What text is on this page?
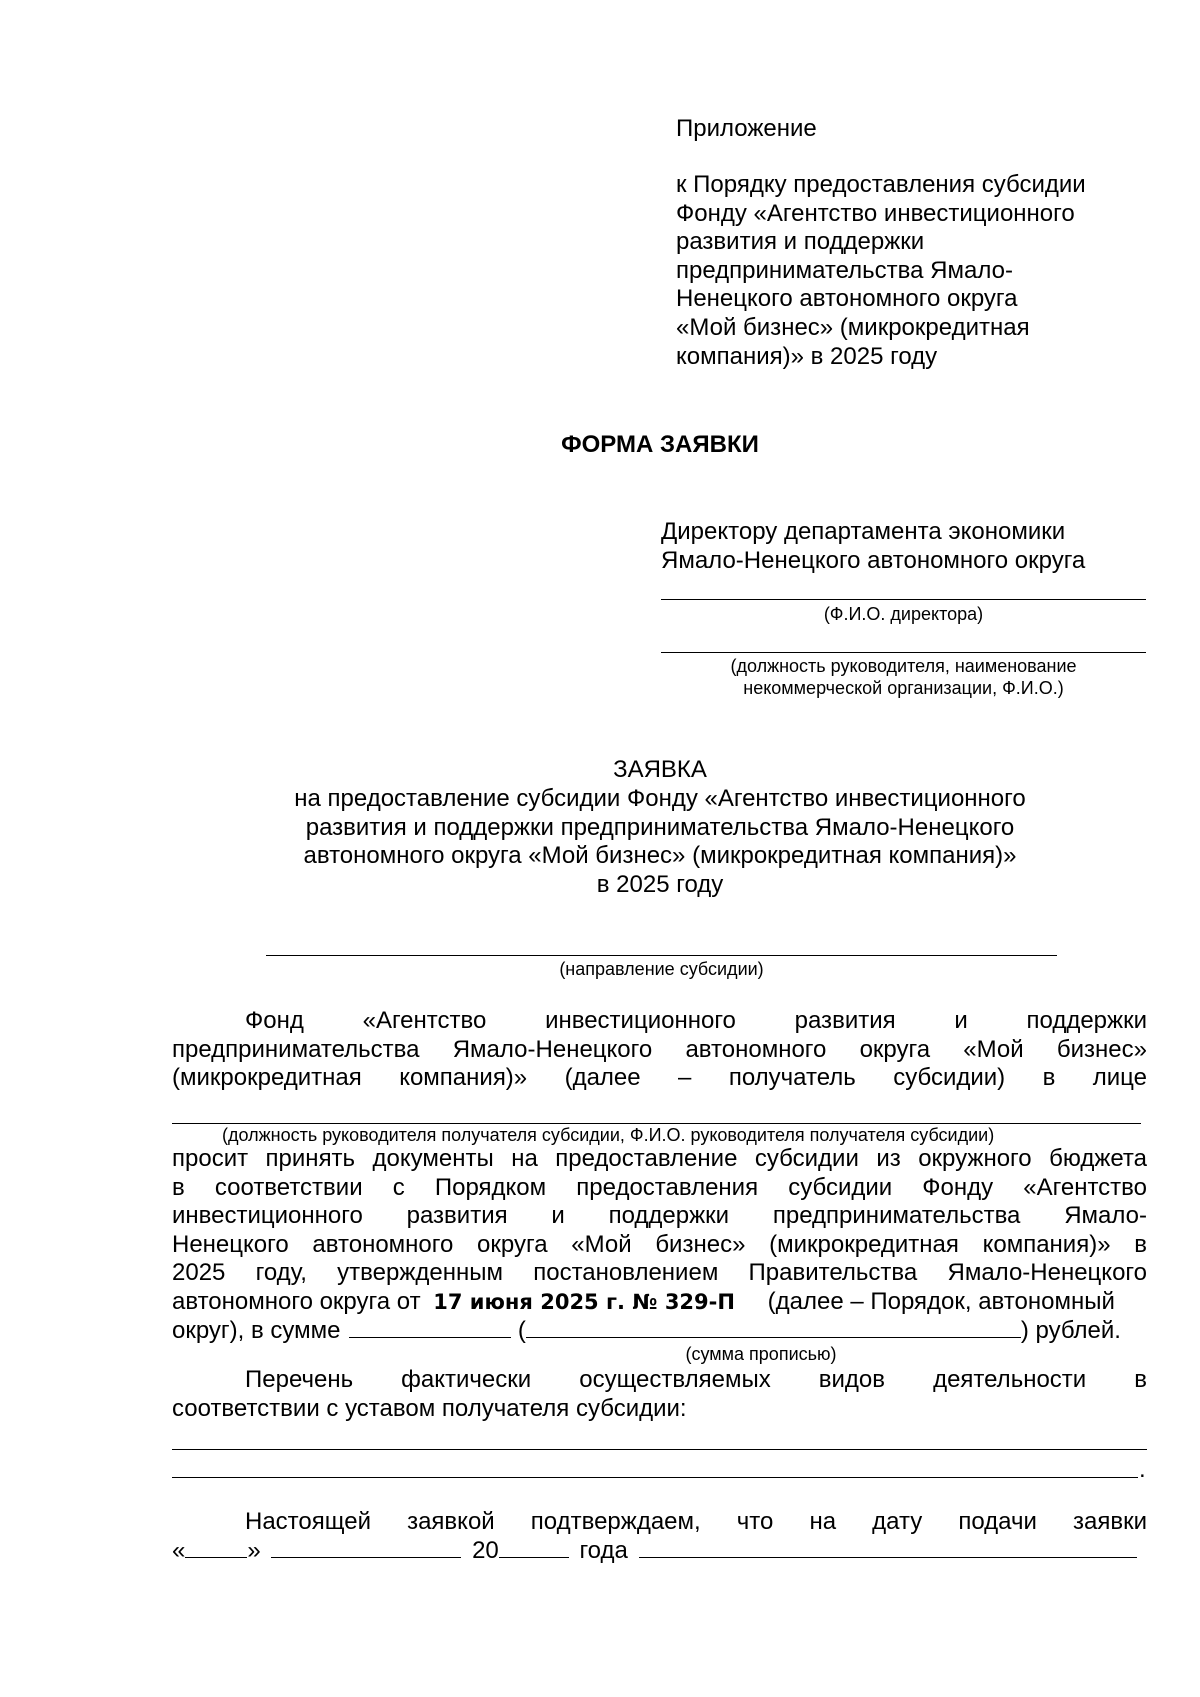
Приложение
к Порядку предоставления субсидии
Фонду «Агентство инвестиционного
развития и поддержки
предпринимательства Ямало-
Ненецкого автономного округа
«Мой бизнес» (микрокредитная
компания)» в 2025 году
ФОРМА ЗАЯВКИ
Директору департамента экономики
Ямало-Ненецкого автономного округа
(Ф.И.О. директора)
(должность руководителя, наименование
некоммерческой организации, Ф.И.О.)
ЗАЯВКА
на предоставление субсидии Фонду «Агентство инвестиционного
развития и поддержки предпринимательства Ямало-Ненецкого
автономного округа «Мой бизнес» (микрокредитная компания)»
в 2025 году
(направление субсидии)
Фонд «Агентство инвестиционного развития и поддержки
предпринимательства Ямало-Ненецкого автономного округа «Мой бизнес»
(микрокредитная компания)» (далее – получатель субсидии) в лице
(должность руководителя получателя субсидии, Ф.И.О. руководителя получателя субсидии)
просит принять документы на предоставление субсидии из окружного бюджета
в соответствии с Порядком предоставления субсидии Фонду «Агентство
инвестиционного развития и поддержки предпринимательства Ямало-
Ненецкого автономного округа «Мой бизнес» (микрокредитная компания)» в
2025 году, утвержденным постановлением Правительства Ямало-Ненецкого
автономного округа от 17 июня 2025 г. № 329-П (далее – Порядок, автономный
округ), в сумме	(	) рублей.
(сумма прописью)
Перечень фактически осуществляемых видов деятельности в
соответствии с уставом получателя субсидии:
.
Настоящей заявкой подтверждаем, что на дату подачи заявки
«	»	20	года
